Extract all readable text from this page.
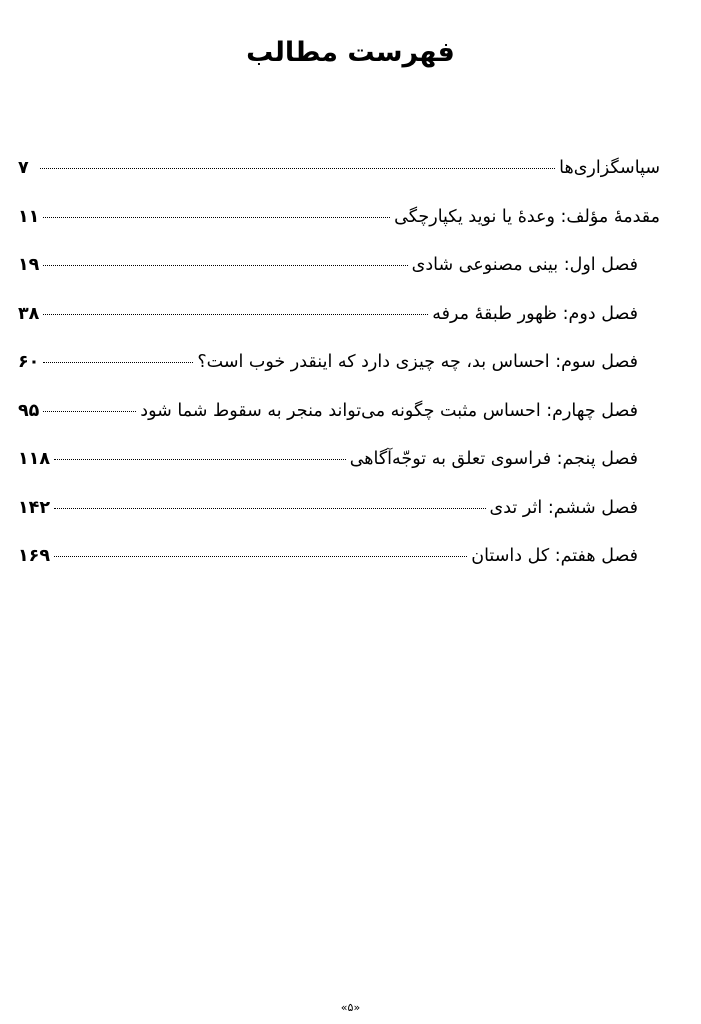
فهرست مطالب
سپاسگزاری‌ها
۷
مقدمهٔ مؤلف: وعدهٔ یا نوید یکپارچگی
۱۱
فصل اول: بینی مصنوعی شادی
۱۹
فصل دوم: ظهور طبقهٔ مرفه
۳۸
فصل سوم: احساس بد، چه چیزی دارد که اینقدر خوب است؟
۶۰
فصل چهارم: احساس مثبت چگونه می‌تواند منجر به سقوط شما شود
۹۵
فصل پنجم: فراسوی تعلق به توجّه‌آگاهی
۱۱۸
فصل ششم: اثر تدی
۱۴۲
فصل هفتم: کل داستان
۱۶۹
«۵»
